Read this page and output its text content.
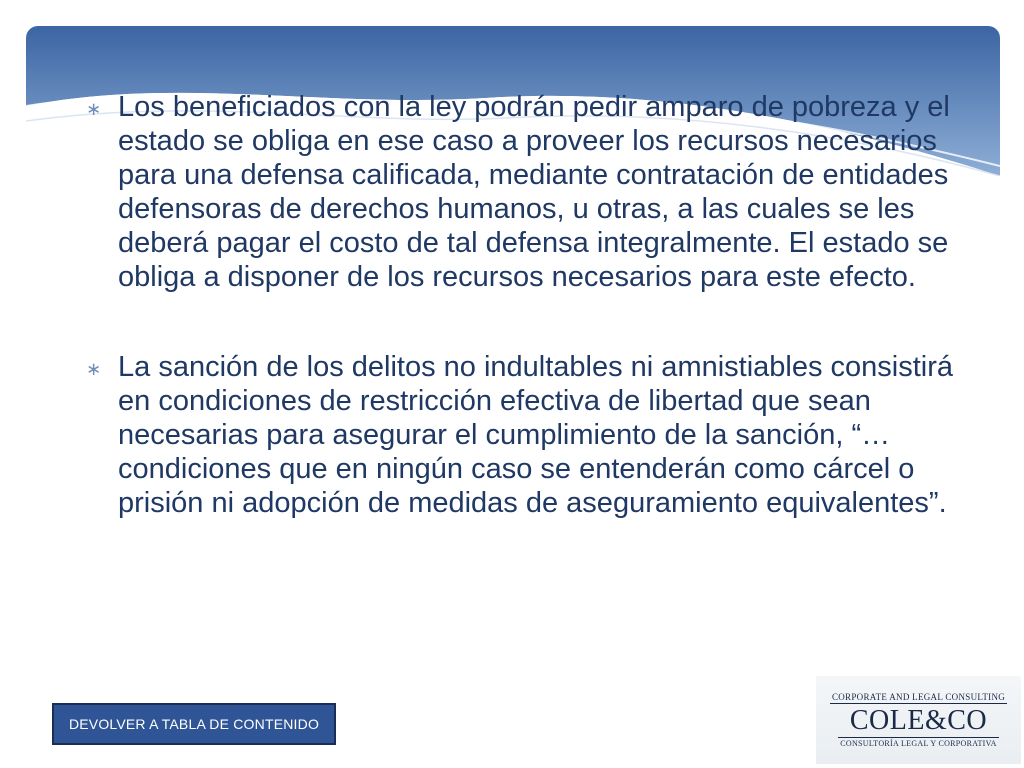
∗ Los beneficiados con la ley podrán pedir amparo de pobreza y el estado se obliga en ese caso a proveer los recursos necesarios para una defensa calificada, mediante contratación de entidades defensoras de derechos humanos, u otras, a las cuales se les deberá pagar el costo de tal defensa integralmente. El estado se obliga a disponer de los recursos necesarios para este efecto.
∗ La sanción de los delitos no indultables ni amnistiables consistirá en condiciones de restricción efectiva de libertad que sean necesarias para asegurar el cumplimiento de la sanción, “… condiciones que en ningún caso se entenderán como cárcel o prisión ni adopción de medidas de aseguramiento equivalentes”.
DEVOLVER A TABLA DE CONTENIDO
CORPORATE AND LEGAL CONSULTING
COLE&CO
CONSULTORÍA LEGAL Y CORPORATIVA
